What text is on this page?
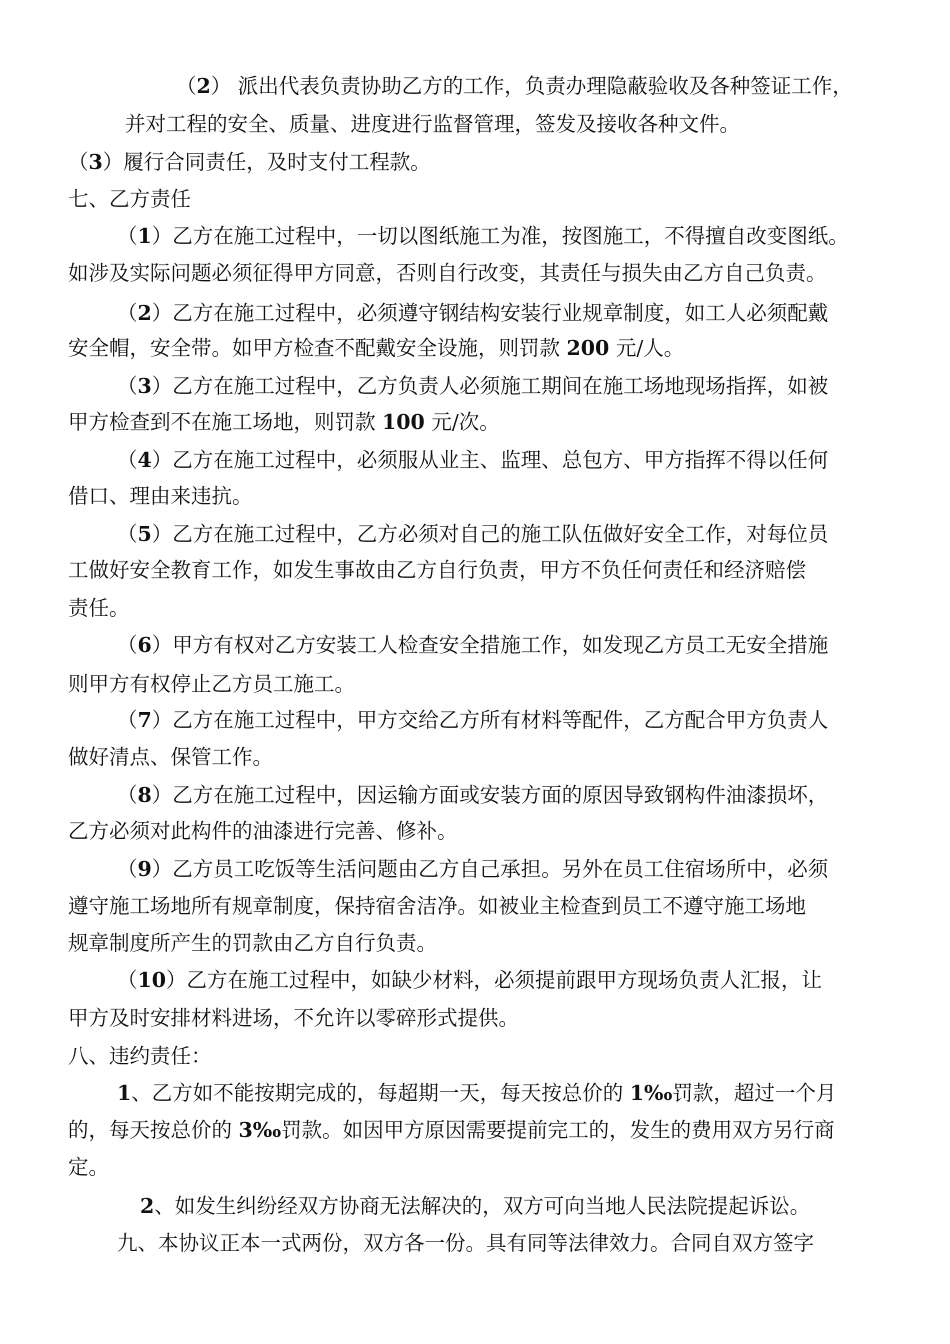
（2） 派出代表负责协助乙方的工作，负责办理隐蔽验收及各种签证工作，
并对工程的安全、质量、进度进行监督管理，签发及接收各种文件。
（3）履行合同责任，及时支付工程款。
七、乙方责任
（1）乙方在施工过程中，一切以图纸施工为准，按图施工，不得擅自改变图纸。
如涉及实际问题必须征得甲方同意，否则自行改变，其责任与损失由乙方自己负责。
（2）乙方在施工过程中，必须遵守钢结构安装行业规章制度，如工人必须配戴
安全帽，安全带。如甲方检查不配戴安全设施，则罚款 200 元/人。
（3）乙方在施工过程中，乙方负责人必须施工期间在施工场地现场指挥，如被
甲方检查到不在施工场地，则罚款 100 元/次。
（4）乙方在施工过程中，必须服从业主、监理、总包方、甲方指挥不得以任何
借口、理由来违抗。
（5）乙方在施工过程中，乙方必须对自己的施工队伍做好安全工作，对每位员
工做好安全教育工作，如发生事故由乙方自行负责，甲方不负任何责任和经济赔偿
责任。
（6）甲方有权对乙方安装工人检查安全措施工作，如发现乙方员工无安全措施
则甲方有权停止乙方员工施工。
（7）乙方在施工过程中，甲方交给乙方所有材料等配件，乙方配合甲方负责人
做好清点、保管工作。
（8）乙方在施工过程中，因运输方面或安装方面的原因导致钢构件油漆损坏，
乙方必须对此构件的油漆进行完善、修补。
（9）乙方员工吃饭等生活问题由乙方自己承担。另外在员工住宿场所中，必须
遵守施工场地所有规章制度，保持宿舍洁净。如被业主检查到员工不遵守施工场地
规章制度所产生的罚款由乙方自行负责。
（10）乙方在施工过程中，如缺少材料，必须提前跟甲方现场负责人汇报，让
甲方及时安排材料进场，不允许以零碎形式提供。
八、违约责任：
1、乙方如不能按期完成的，每超期一天，每天按总价的 1‰罚款，超过一个月
的，每天按总价的 3‰罚款。如因甲方原因需要提前完工的，发生的费用双方另行商
定。
2、如发生纠纷经双方协商无法解决的，双方可向当地人民法院提起诉讼。
九、本协议正本一式两份，双方各一份。具有同等法律效力。合同自双方签字
